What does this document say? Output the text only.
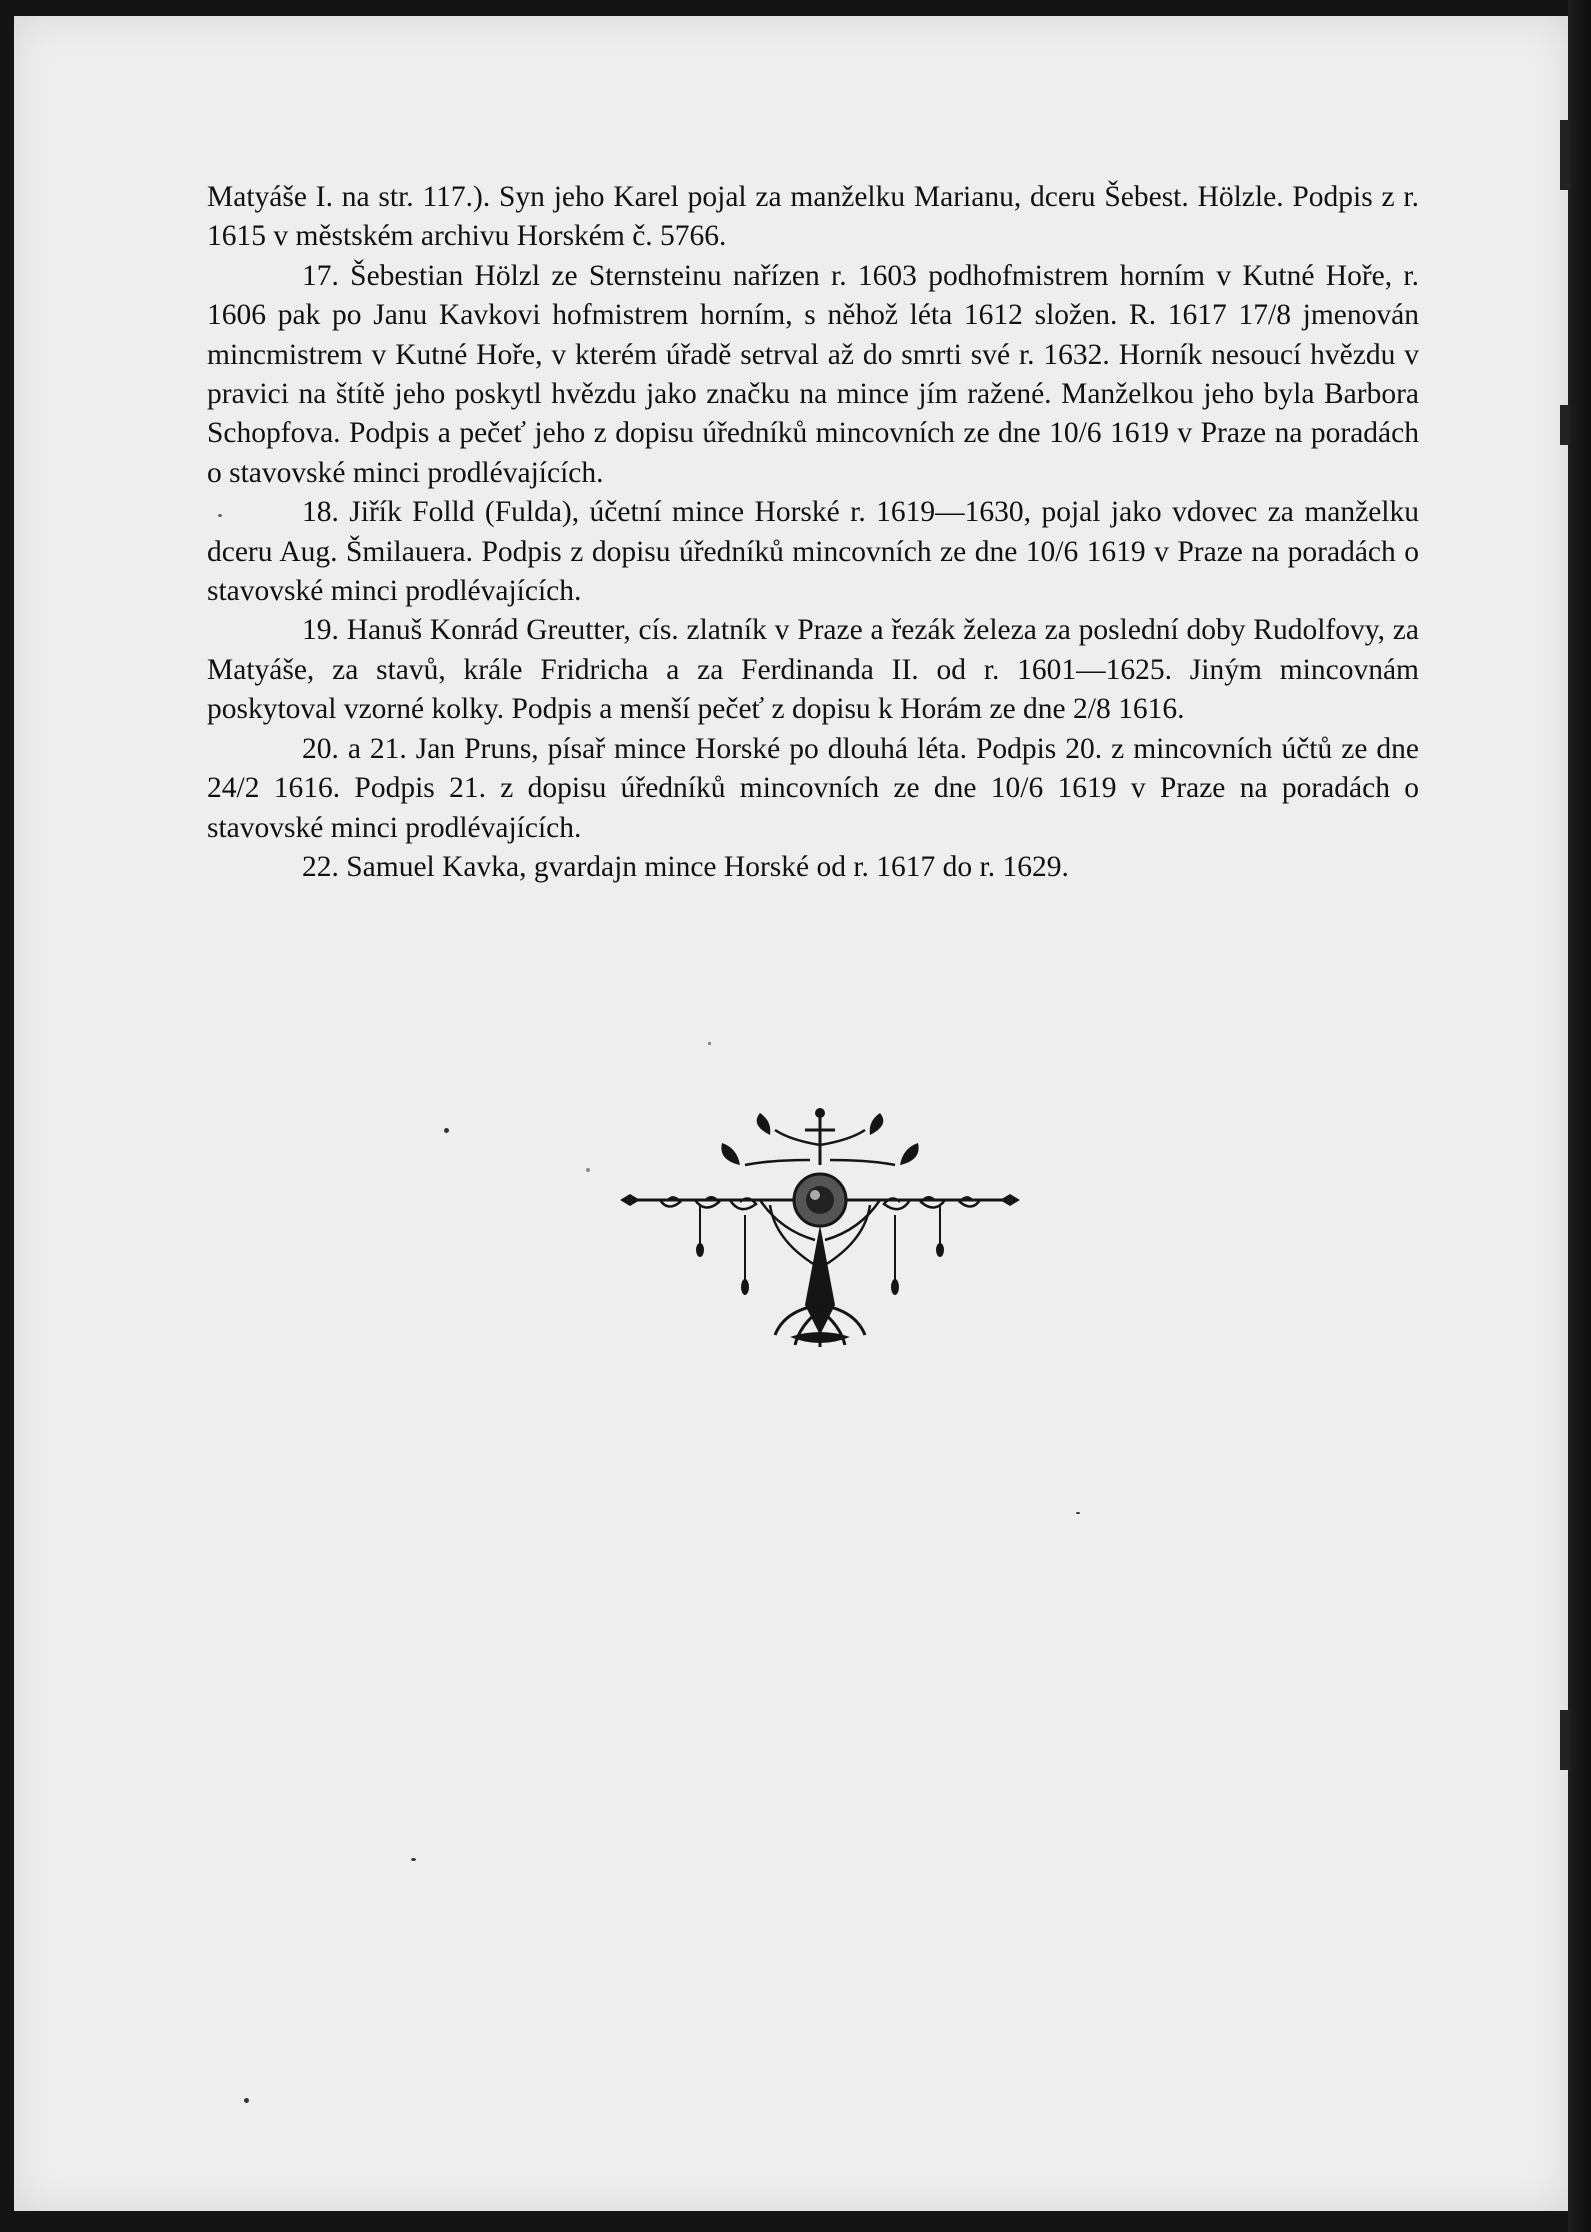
Matyáše I. na str. 117.). Syn jeho Karel pojal za manželku Marianu, dceru Šebest. Hölzle. Podpis z r. 1615 v městském archivu Horském č. 5766.

17. Šebestian Hölzl ze Sternsteinu nařízen r. 1603 podhofmistrem horním v Kutné Hoře, r. 1606 pak po Janu Kavkovi hofmistrem horním, s něhož léta 1612 složen. R. 1617 17/8 jmenován mincmistrem v Kutné Hoře, v kterém úřadě setrval až do smrti své r. 1632. Horník nesoucí hvězdu v pravici na štítě jeho poskytl hvězdu jako značku na mince jím ražené. Manželkou jeho byla Barbora Schopfova. Podpis a pečeť jeho z dopisu úředníků mincovních ze dne 10/6 1619 v Praze na poradách o stavovské minci prodlévajících.

18. Jiřík Folld (Fulda), účetní mince Horské r. 1619—1630, pojal jako vdovec za manželku dceru Aug. Šmilauera. Podpis z dopisu úředníků mincovních ze dne 10/6 1619 v Praze na poradách o stavovské minci prodlévajících.

19. Hanuš Konrád Greutter, cís. zlatník v Praze a řezák železa za poslední doby Rudolfovy, za Matyáše, za stavů, krále Fridricha a za Ferdinanda II. od r. 1601—1625. Jiným mincovnám poskytoval vzorné kolky. Podpis a menší pečeť z dopisu k Horám ze dne 2/8 1616.

20. a 21. Jan Pruns, písař mince Horské po dlouhá léta. Podpis 20. z mincovních účtů ze dne 24/2 1616. Podpis 21. z dopisu úředníků mincovních ze dne 10/6 1619 v Praze na poradách o stavovské minci prodlévajících.

22. Samuel Kavka, gvardajn mince Horské od r. 1617 do r. 1629.
